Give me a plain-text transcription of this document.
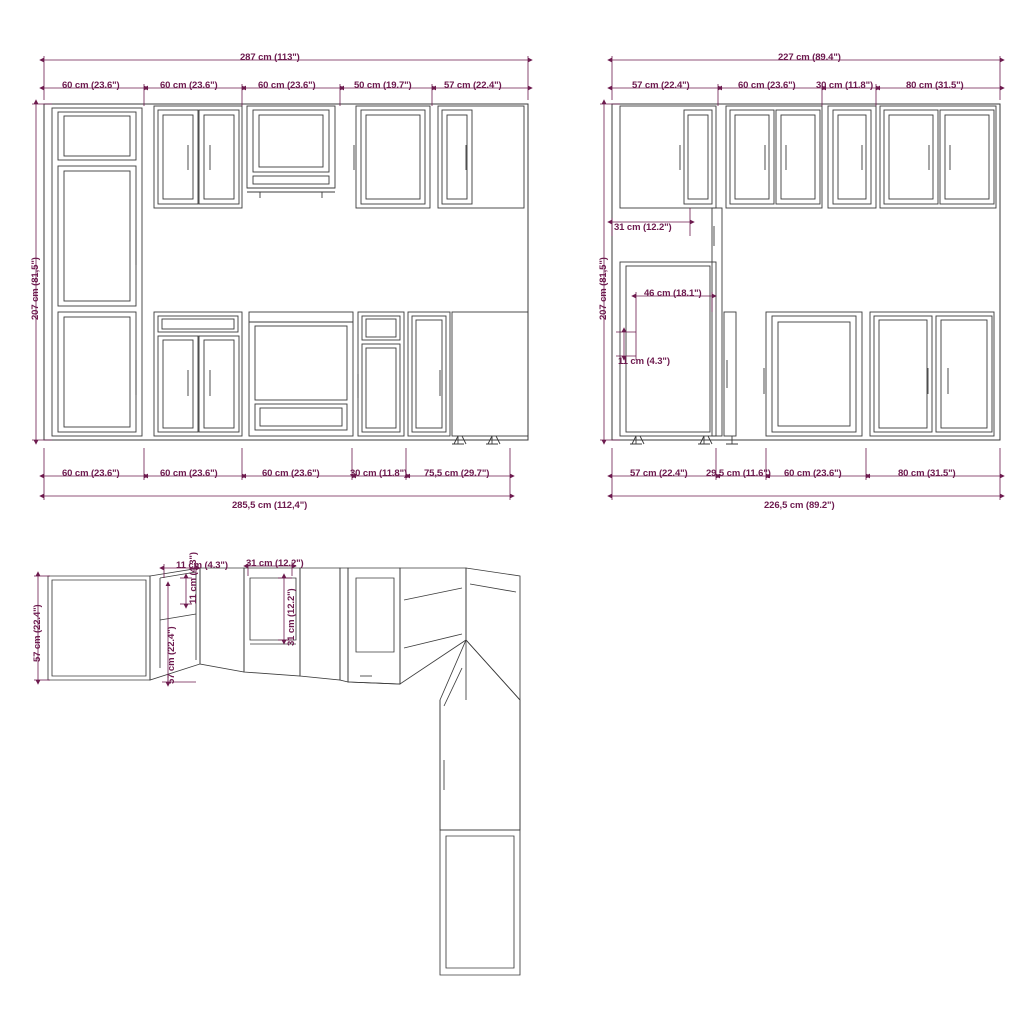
287 cm (113")
60 cm (23.6")	60 cm (23.6")	60 cm (23.6")	50 cm (19.7")	57 cm (22.4")
207 cm (81,5")
60 cm (23.6")	60 cm (23.6")	60 cm (23.6")	30 cm (11.8") 75,5 cm (29.7")
285,5 cm (112,4")
227 cm (89.4")
57 cm (22.4")	60 cm (23.6") 30 cm (11.8")	80 cm (31.5")
207 cm (81,5")
31 cm (12.2")
46 cm (18.1")
11 cm (4.3")
57 cm (22.4") 29,5 cm (11.6") 60 cm (23.6")	80 cm (31.5")
226,5 cm (89.2")
57 cm (22.4")
11 cm (4.3")
57 cm (22.4")
31 cm (12.2")
11 cm (4.3") 31 cm (12.2")
